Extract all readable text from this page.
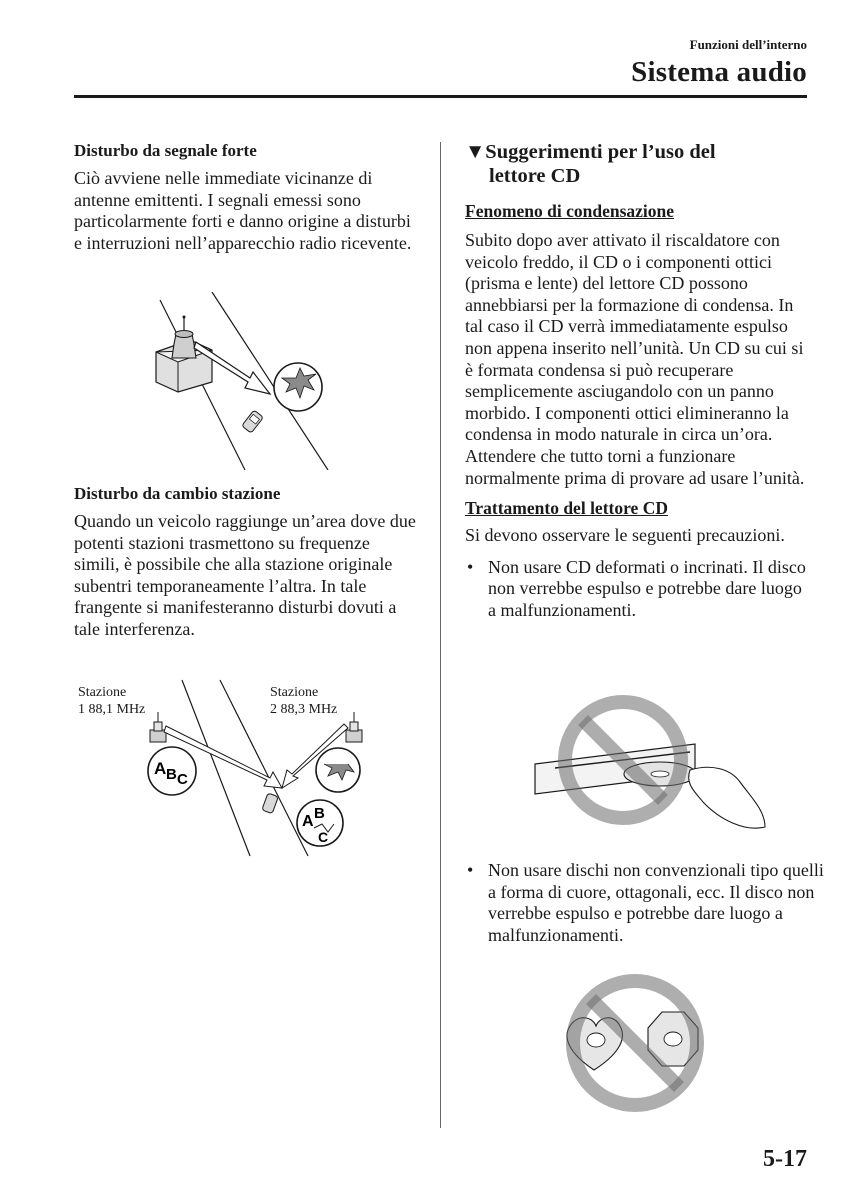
Funzioni dell’interno
Sistema audio

Disturbo da segnale forte

Ciò avviene nelle immediate vicinanze di antenne emittenti. I segnali emessi sono particolarmente forti e danno origine a disturbi e interruzioni nell’apparecchio radio ricevente.

Disturbo da cambio stazione

Quando un veicolo raggiunge un’area dove due potenti stazioni trasmettono su frequenze simili, è possibile che alla stazione originale subentri temporaneamente l’altra. In tale frangente si manifesteranno disturbi dovuti a tale interferenza.

Stazione
1 88,1 MHz
Stazione
2 88,3 MHz
A B C
A B
C
▼Suggerimenti per l’uso del
lettore CD

Fenomeno di condensazione

Subito dopo aver attivato il riscaldatore con veicolo freddo, il CD o i componenti ottici (prisma e lente) del lettore CD possono annebbiarsi per la formazione di condensa. In tal caso il CD verrà immediatamente espulso non appena inserito nell’unità. Un CD su cui si è formata condensa si può recuperare semplicemente asciugandolo con un panno morbido. I componenti ottici elimineranno la condensa in modo naturale in circa un’ora. Attendere che tutto torni a funzionare normalmente prima di provare ad usare l’unità.

Trattamento del lettore CD

Si devono osservare le seguenti precauzioni.

• Non usare CD deformati o incrinati. Il disco non verrebbe espulso e potrebbe dare luogo a malfunzionamenti.
• Non usare dischi non convenzionali tipo quelli a forma di cuore, ottagonali, ecc. Il disco non verrebbe espulso e potrebbe dare luogo a malfunzionamenti.
5-17
